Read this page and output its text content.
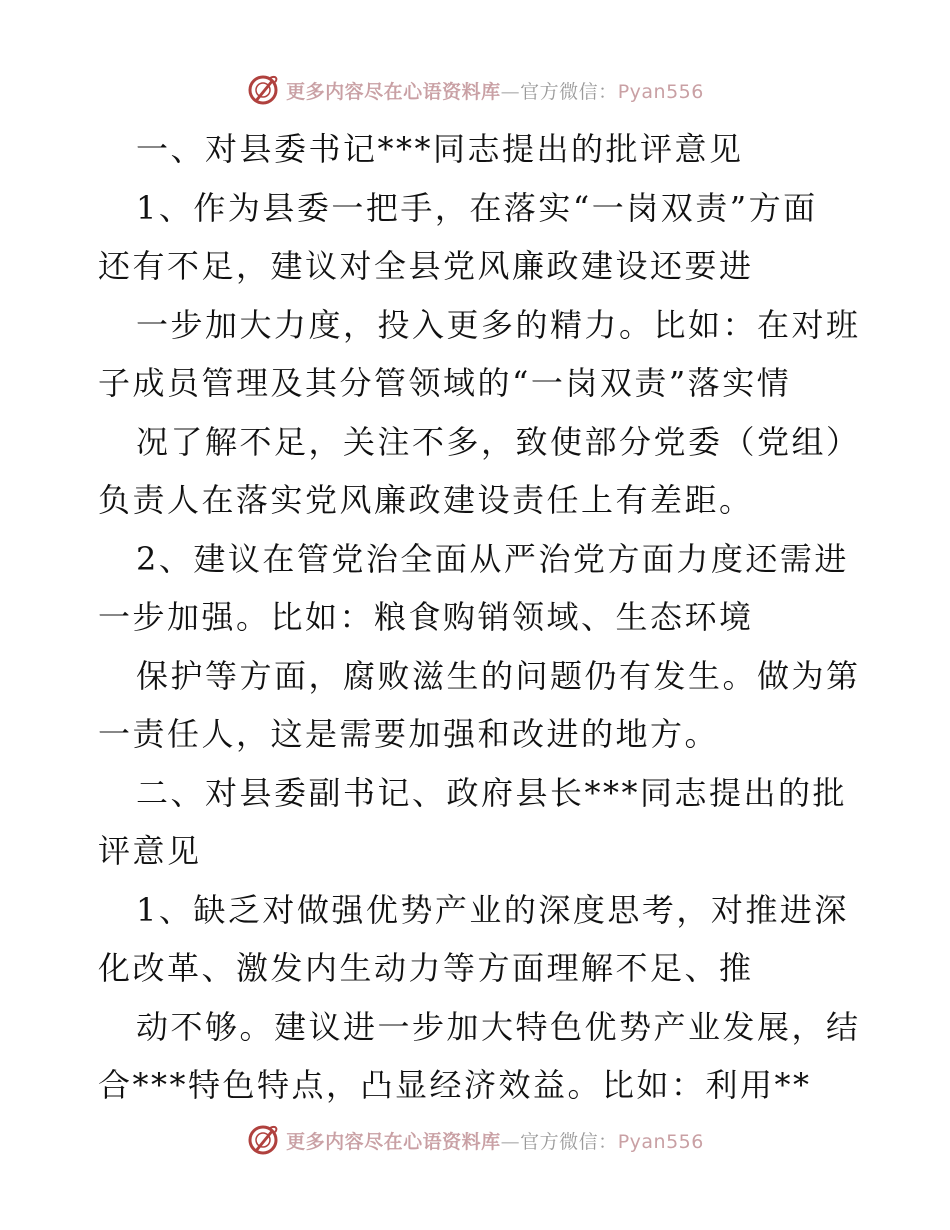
更多内容尽在心语资料库—官方微信：Pyan556
一、对县委书记***同志提出的批评意见
1、作为县委一把手，在落实“一岗双责”方面
还有不足，建议对全县党风廉政建设还要进
一步加大力度，投入更多的精力。比如：在对班
子成员管理及其分管领域的“一岗双责”落实情
况了解不足，关注不多，致使部分党委（党组）
负责人在落实党风廉政建设责任上有差距。
2、建议在管党治全面从严治党方面力度还需进
一步加强。比如：粮食购销领域、生态环境
保护等方面，腐败滋生的问题仍有发生。做为第
一责任人，这是需要加强和改进的地方。
二、对县委副书记、政府县长***同志提出的批
评意见
1、缺乏对做强优势产业的深度思考，对推进深
化改革、激发内生动力等方面理解不足、推
动不够。建议进一步加大特色优势产业发展，结
合***特色特点，凸显经济效益。比如：利用**
更多内容尽在心语资料库—官方微信：Pyan556
